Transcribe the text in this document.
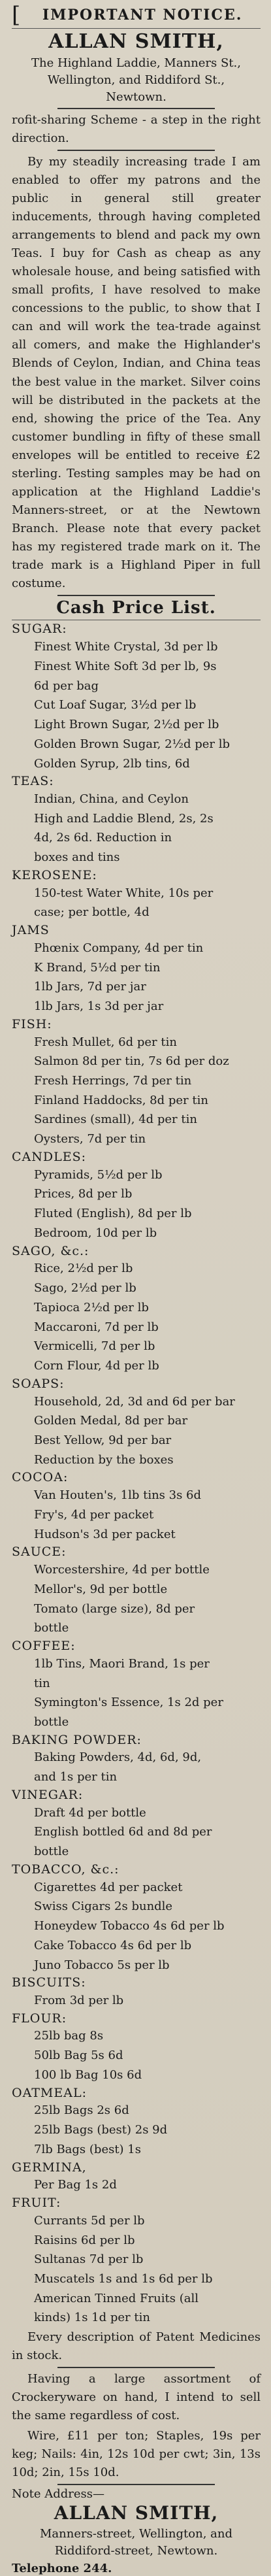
[	IMPORTANT NOTICE.
ALLAN SMITH,
The Highland Laddie, Manners St.,
Wellington, and Riddiford St.,
Newtown.
rofit-sharing Scheme - a step in the right direction.
By my steadily increasing trade I am enabled to offer my patrons and the public in general still greater inducements, through having completed arrangements to blend and pack my own Teas. I buy for Cash as cheap as any wholesale house, and being satisfied with small profits, I have resolved to make concessions to the public, to show that I can and will work the tea-trade against all comers, and make the Highlander's Blends of Ceylon, Indian, and China teas the best value in the market. Silver coins will be distributed in the packets at the end, showing the price of the Tea. Any customer bundling in fifty of these small envelopes will be entitled to receive £2 sterling. Testing samples may be had on application at the Highland Laddie's Manners-street, or at the Newtown Branch. Please note that every packet has my registered trade mark on it. The trade mark is a Highland Piper in full costume.
Cash Price List.
SUGAR:
Finest White Crystal, 3d per lb
Finest White Soft 3d per lb, 9s
6d per bag
Cut Loaf Sugar, 3½d per lb
Light Brown Sugar, 2½d per lb
Golden Brown Sugar, 2½d per lb
Golden Syrup, 2lb tins, 6d
TEAS:
Indian, China, and Ceylon
High and Laddie Blend, 2s, 2s
4d, 2s 6d. Reduction in
boxes and tins
KEROSENE:
150-test Water White, 10s per
case; per bottle, 4d
JAMS
Phœnix Company, 4d per tin
K Brand, 5½d per tin
1lb Jars, 7d per jar
1lb Jars, 1s 3d per jar
FISH:
Fresh Mullet, 6d per tin
Salmon 8d per tin, 7s 6d per doz
Fresh Herrings, 7d per tin
Finland Haddocks, 8d per tin
Sardines (small), 4d per tin
Oysters, 7d per tin
CANDLES:
Pyramids, 5½d per lb
Prices, 8d per lb
Fluted (English), 8d per lb
Bedroom, 10d per lb
SAGO, &c.:
Rice, 2½d per lb
Sago, 2½d per lb
Tapioca 2½d per lb
Maccaroni, 7d per lb
Vermicelli, 7d per lb
Corn Flour, 4d per lb
SOAPS:
Household, 2d, 3d and 6d per bar
Golden Medal, 8d per bar
Best Yellow, 9d per bar
Reduction by the boxes
COCOA:
Van Houten's, 1lb tins 3s 6d
Fry's, 4d per packet
Hudson's 3d per packet
SAUCE:
Worcestershire, 4d per bottle
Mellor's, 9d per bottle
Tomato (large size), 8d per
bottle
COFFEE:
1lb Tins, Maori Brand, 1s per
tin
Symington's Essence, 1s 2d per
bottle
BAKING POWDER:
Baking Powders, 4d, 6d, 9d,
and 1s per tin
VINEGAR:
Draft 4d per bottle
English bottled 6d and 8d per
bottle
TOBACCO, &c.:
Cigarettes 4d per packet
Swiss Cigars 2s bundle
Honeydew Tobacco 4s 6d per lb
Cake Tobacco 4s 6d per lb
Juno Tobacco 5s per lb
BISCUITS:
From 3d per lb
FLOUR:
25lb bag 8s
50lb Bag 5s 6d
100 lb Bag 10s 6d
OATMEAL:
25lb Bags 2s 6d
25lb Bags (best) 2s 9d
7lb Bags (best) 1s
GERMINA,
Per Bag 1s 2d
FRUIT:
Currants 5d per lb
Raisins 6d per lb
Sultanas 7d per lb
Muscatels 1s and 1s 6d per lb
American Tinned Fruits (all
kinds) 1s 1d per tin
Every description of Patent Medicines in stock.
Having a large assortment of Crockeryware on hand, I intend to sell the same regardless of cost.
Wire, £11 per ton; Staples, 19s per keg; Nails: 4in, 12s 10d per cwt; 3in, 13s 10d; 2in, 15s 10d.
Note Address—
ALLAN SMITH,
Manners-street, Wellington, and
Riddiford-street, Newtown.
Telephone 244.
